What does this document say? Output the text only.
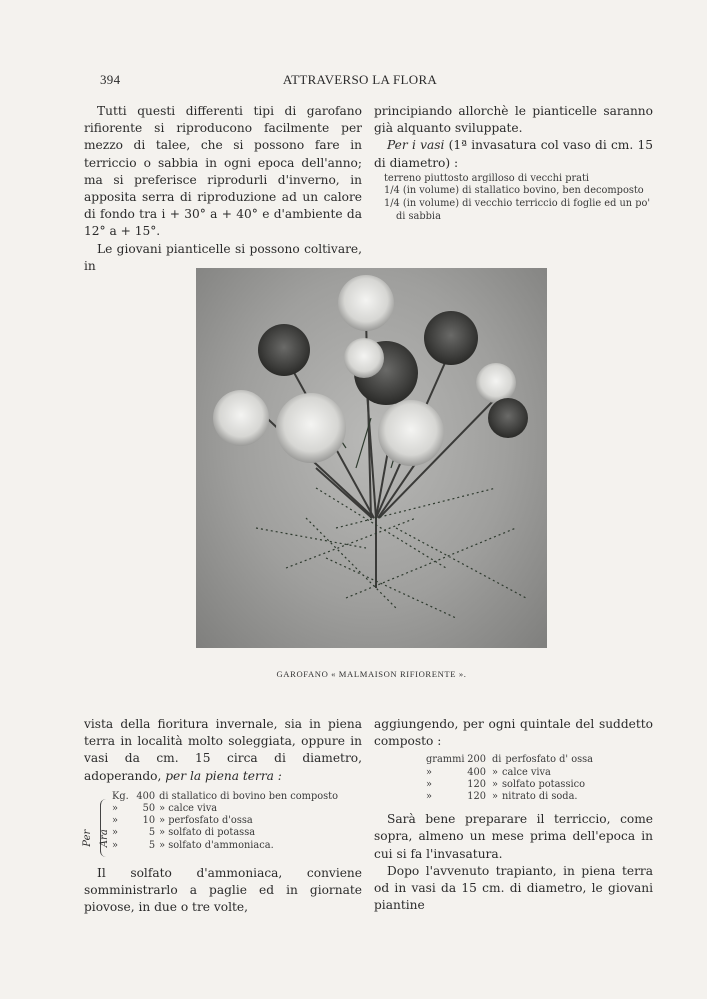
394	ATTRAVERSO LA FLORA

Tutti questi differenti tipi di garofano rifiorente si riproducono facilmente per mezzo di talee, che si possono fare in terriccio o sabbia in ogni epoca dell'anno; ma si preferisce riprodurli d'inverno, in apposita serra di riproduzione ad un calore di fondo tra i + 30° a + 40° e d'ambiente da 12° a + 15°.

Le giovani pianticelle si possono coltivare, in

principiando allorchè le pianticelle saranno già alquanto sviluppate.

Per i vasi (1ª invasatura col vaso di cm. 15 di diametro) :

terreno piuttosto argilloso di vecchi prati
1/4 (in volume) di stallatico bovino, ben decomposto
1/4 (in volume) di vecchio terriccio di foglie ed un po' di sabbia
GAROFANO « MALMAISON RIFIORENTE ».

vista della fioritura invernale, sia in piena terra in località molto soleggiata, oppure in vasi da cm. 15 circa di diametro, adoperando, per la piena terra :

Per Ara
Kg. 400 di stallatico di bovino ben composto
»	50 » calce viva
»	10 » perfosfato d'ossa
»	5 » solfato di potassa
»	5 » solfato d'ammoniaca.

Il solfato d'ammoniaca, conviene somministrarlo a paglie ed in giornate piovose, in due o tre volte,

aggiungendo, per ogni quintale del suddetto composto :

grammi 200 di perfosfato d' ossa
»	400 » calce viva
»	120 » solfato potassico
»	120 » nitrato di soda.

Sarà bene preparare il terriccio, come sopra, almeno un mese prima dell'epoca in cui si fa l'invasatura.

Dopo l'avvenuto trapianto, in piena terra od in vasi da 15 cm. di diametro, le giovani piantine
